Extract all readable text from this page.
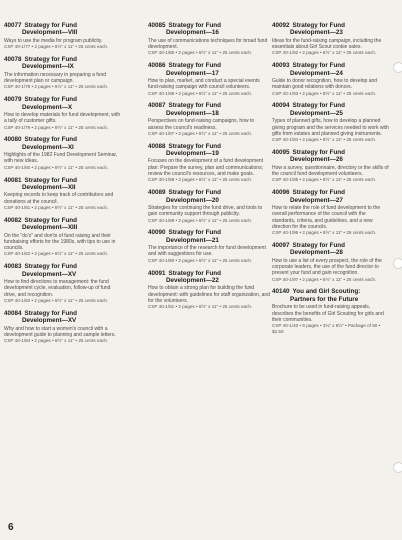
40077 Strategy for Fund
Development—VIII
Ways to use the media for program publicity.
CSP 40-1/77 • 2 pages • 8½" x 11" • 25 cents each.
40078 Strategy for Fund
Development—IX
The information necessary in preparing a fund development plan or campaign.
CSP 40-1/78 • 2 pages • 8½" x 11" • 25 cents each.
40079 Strategy for Fund
Development—X
How to develop materials for fund development, with a tally of customer gifts.
CSP 40-1/79 • 2 pages • 8½" x 11" • 25 cents each.
40080 Strategy for Fund
Development—XI
Highlights of the 1982 Fund Development Seminar, with new ideas.
CSP 40-1/80 • 2 pages • 8½" x 11" • 25 cents each.
40081 Strategy for Fund
Development—XII
Keeping records to keep track of contributors and donations at the council.
CSP 40-1/81 • 2 pages • 8½" x 11" • 25 cents each.
40082 Strategy for Fund
Development—XIII
On the "do's" and don'ts of fund raising and their fundraising efforts for the 1980s, with tips to use in councils.
CSP 40-1/82 • 2 pages • 8½" x 11" • 25 cents each.
40083 Strategy for Fund
Development—XV
How to find directions to management: the fund development cycle, evaluation, follow-up of fund drive, and recognition.
CSP 40-1/83 • 2 pages • 8½" x 11" • 25 cents each.
40084 Strategy for Fund
Development—XV
Why and how to start a women's council with a development guide to planning and sample letters.
CSP 40-1/84 • 2 pages • 8½" x 11" • 25 cents each.
40085 Strategy for Fund
Development—16
The use of communications techniques for broad fund development.
CSP 40-1/85 • 2 pages • 8½" x 11" • 25 cents each.
40086 Strategy for Fund
Development—17
How to plan, market, and conduct a special events fund-raising campaign with council volunteers.
CSP 40-1/86 • 2 pages • 8½" x 11" • 25 cents each.
40087 Strategy for Fund
Development—18
Perspectives on fund-raising campaigns, how to assess the council's readiness.
CSP 40-1/87 • 2 pages • 8½" x 11" • 25 cents each.
40088 Strategy for Fund
Development—19
Focuses on the development of a fund development plan: Prepare the survey, plan and communications; review the council's resources, and make goals.
CSP 40-1/88 • 2 pages • 8½" x 11" • 25 cents each.
40089 Strategy for Fund
Development—20
Strategies for continuing the fund drive, and tools to gain community support through publicity.
CSP 40-1/89 • 2 pages • 8½" x 11" • 25 cents each.
40090 Strategy for Fund
Development—21
The importance of the research for fund development and with suggestions for use.
CSP 40-1/90 • 2 pages • 8½" x 11" • 25 cents each.
40091 Strategy for Fund
Development—22
How to obtain a strong plan for building the fund development: with guidelines for staff organization, and for the volunteers.
CSP 40-1/91 • 2 pages • 8½" x 11" • 25 cents each.
40092 Strategy for Fund
Development—23
Ideas for the fund-raising campaign, including the essentials about Girl Scout cookie sales.
CSP 40-1/92 • 2 pages • 8½" x 11" • 25 cents each.
40093 Strategy for Fund
Development—24
Guide to donor recognition, how to develop and maintain good relations with donors.
CSP 40-1/93 • 2 pages • 8½" x 11" • 25 cents each.
40094 Strategy for Fund
Development—25
Types of planned gifts, how to develop a planned giving program and the services needed to work with gifts from estates and planned giving instruments.
CSP 40-1/94 • 2 pages • 8½" x 11" • 25 cents each.
40095 Strategy for Fund
Development—26
How a survey, questionnaire, directory or the skills of the council fund development volunteers.
CSP 40-1/95 • 2 pages • 8½" x 11" • 25 cents each.
40096 Strategy for Fund
Development—27
How to relate the role of fund development to the overall performance of the council with the standards, criteria, and guidelines, and a new direction for the councils.
CSP 40-1/96 • 2 pages • 8½" x 11" • 25 cents each.
40097 Strategy for Fund
Development—28
How to use a list of every prospect, the role of the corporate leaders, the use of the fund director to present your fund and gain recognition.
CSP 40-1/97 • 2 pages • 8½" x 11" • 25 cents each.
40140 You and Girl Scouting:
Partners for the Future
Brochure to be used in fund-raising appeals, describes the benefits of Girl Scouting for girls and their communities.
CSP 40-1/40 • 6 pages • 3¾" x 8½" • Package of 50 • $2.50
6
